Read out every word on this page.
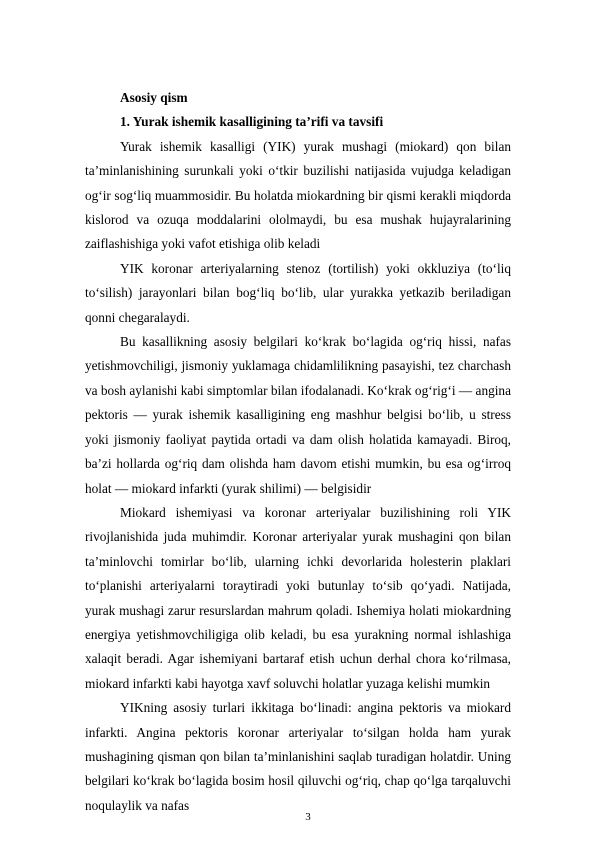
Asosiy qism

1. Yurak ishemik kasalligining ta’rifi va tavsifi

Yurak ishemik kasalligi (YIK) yurak mushagi (miokard) qon bilan ta’minlanishining surunkali yoki o‘tkir buzilishi natijasida vujudga keladigan og‘ir sog‘liq muammosidir. Bu holatda miokardning bir qismi kerakli miqdorda kislorod va ozuqa moddalarini ololmaydi, bu esa mushak hujayralarining zaiflashishiga yoki vafot etishiga olib keladi

YIK koronar arteriyalarning stenoz (tortilish) yoki okkluziya (to‘liq to‘silish) jarayonlari bilan bog‘liq bo‘lib, ular yurakka yetkazib beriladigan qonni chegaralaydi.

Bu kasallikning asosiy belgilari ko‘krak bo‘lagida og‘riq hissi, nafas yetishmovchiligi, jismoniy yuklamaga chidamlilikning pasayishi, tez charchash va bosh aylanishi kabi simptomlar bilan ifodalanadi. Ko‘krak og‘rig‘i — angina pektoris — yurak ishemik kasalligining eng mashhur belgisi bo‘lib, u stress yoki jismoniy faoliyat paytida ortadi va dam olish holatida kamayadi. Biroq, ba’zi hollarda og‘riq dam olishda ham davom etishi mumkin, bu esa og‘irroq holat — miokard infarkti (yurak shilimi) — belgisidir

Miokard ishemiyasi va koronar arteriyalar buzilishining roli YIK rivojlanishida juda muhimdir. Koronar arteriyalar yurak mushagini qon bilan ta’minlovchi tomirlar bo‘lib, ularning ichki devorlarida holesterin plaklari to‘planishi arteriyalarni toraytiradi yoki butunlay to‘sib qo‘yadi. Natijada, yurak mushagi zarur resurslardan mahrum qoladi. Ishemiya holati miokardning energiya yetishmovchiligiga olib keladi, bu esa yurakning normal ishlashiga xalaqit beradi. Agar ishemiyani bartaraf etish uchun derhal chora ko‘rilmasa, miokard infarkti kabi hayotga xavf soluvchi holatlar yuzaga kelishi mumkin

YIKning asosiy turlari ikkitaga bo‘linadi: angina pektoris va miokard infarkti. Angina pektoris koronar arteriyalar to‘silgan holda ham yurak mushagining qisman qon bilan ta’minlanishini saqlab turadigan holatdir. Uning belgilari ko‘krak bo‘lagida bosim hosil qiluvchi og‘riq, chap qo‘lga tarqaluvchi noqulaylik va nafas

3
